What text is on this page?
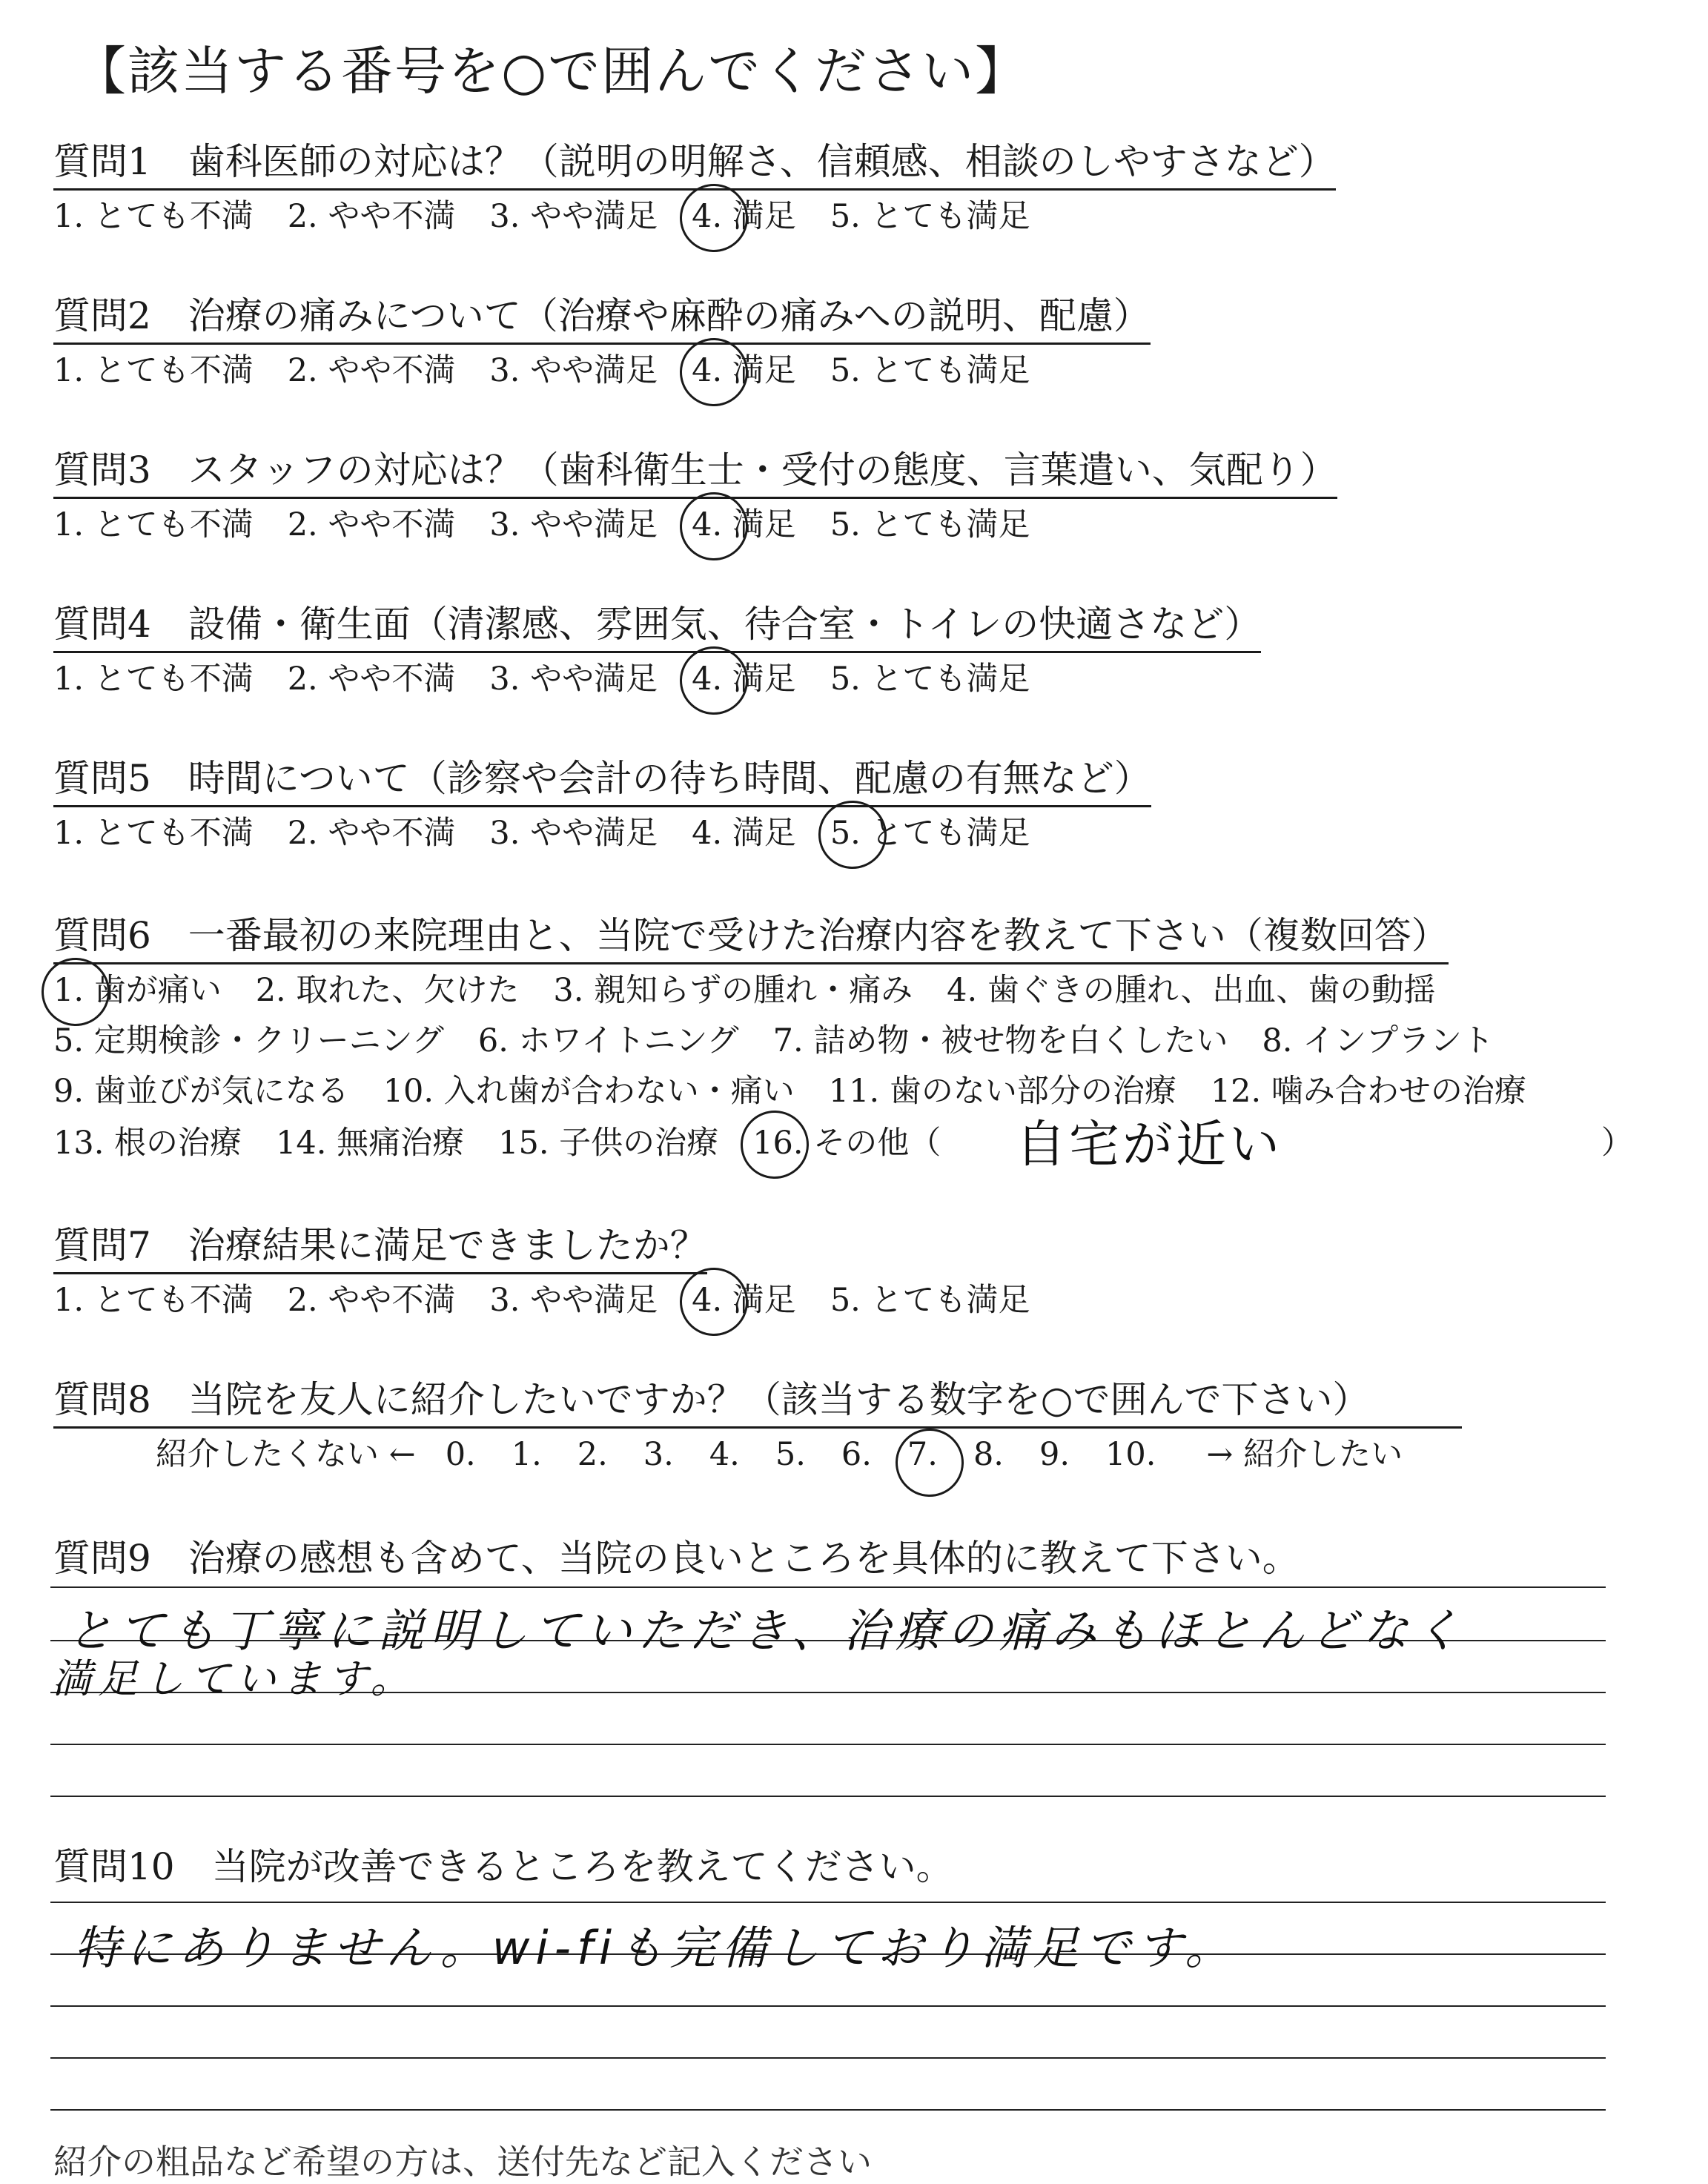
【該当する番号を○で囲んでください】
質問1　歯科医師の対応は？（説明の明解さ、信頼感、相談のしやすさなど）
1. とても不満 2. やや不満 3. やや満足 4. 満足 5. とても満足
質問2　治療の痛みについて（治療や麻酔の痛みへの説明、配慮）
1. とても不満 2. やや不満 3. やや満足 4. 満足 5. とても満足
質問3　スタッフの対応は？（歯科衛生士・受付の態度、言葉遣い、気配り）
1. とても不満 2. やや不満 3. やや満足 4. 満足 5. とても満足
質問4　設備・衛生面（清潔感、雰囲気、待合室・トイレの快適さなど）
1. とても不満 2. やや不満 3. やや満足 4. 満足 5. とても満足
質問5　時間について（診察や会計の待ち時間、配慮の有無など）
1. とても不満 2. やや不満 3. やや満足 4. 満足 5. とても満足
質問6　一番最初の来院理由と、当院で受けた治療内容を教えて下さい（複数回答）
1. 歯が痛い 2. 取れた、欠けた 3. 親知らずの腫れ・痛み 4. 歯ぐきの腫れ、出血、歯の動揺
5. 定期検診・クリーニング 6. ホワイトニング 7. 詰め物・被せ物を白くしたい 8. インプラント
9. 歯並びが気になる 10. 入れ歯が合わない・痛い 11. 歯のない部分の治療 12. 噛み合わせの治療
13. 根の治療 14. 無痛治療 15. 子供の治療 16. その他（	自宅が近い	）
質問7　治療結果に満足できましたか？
1. とても不満 2. やや不満 3. やや満足 4. 満足 5. とても満足
質問8　当院を友人に紹介したいですか？（該当する数字を○で囲んで下さい）
紹介したくない ← 0. 1. 2. 3. 4. 5. 6. 7. 8. 9. 10. → 紹介したい
質問9　治療の感想も含めて、当院の良いところを具体的に教えて下さい。
とても丁寧に説明していただき、治療の痛みもほとんどなく
満足しています。
質問10　当院が改善できるところを教えてください。
特にありません。wi-fiも完備しており満足です。
紹介の粗品など希望の方は、送付先など記入ください
